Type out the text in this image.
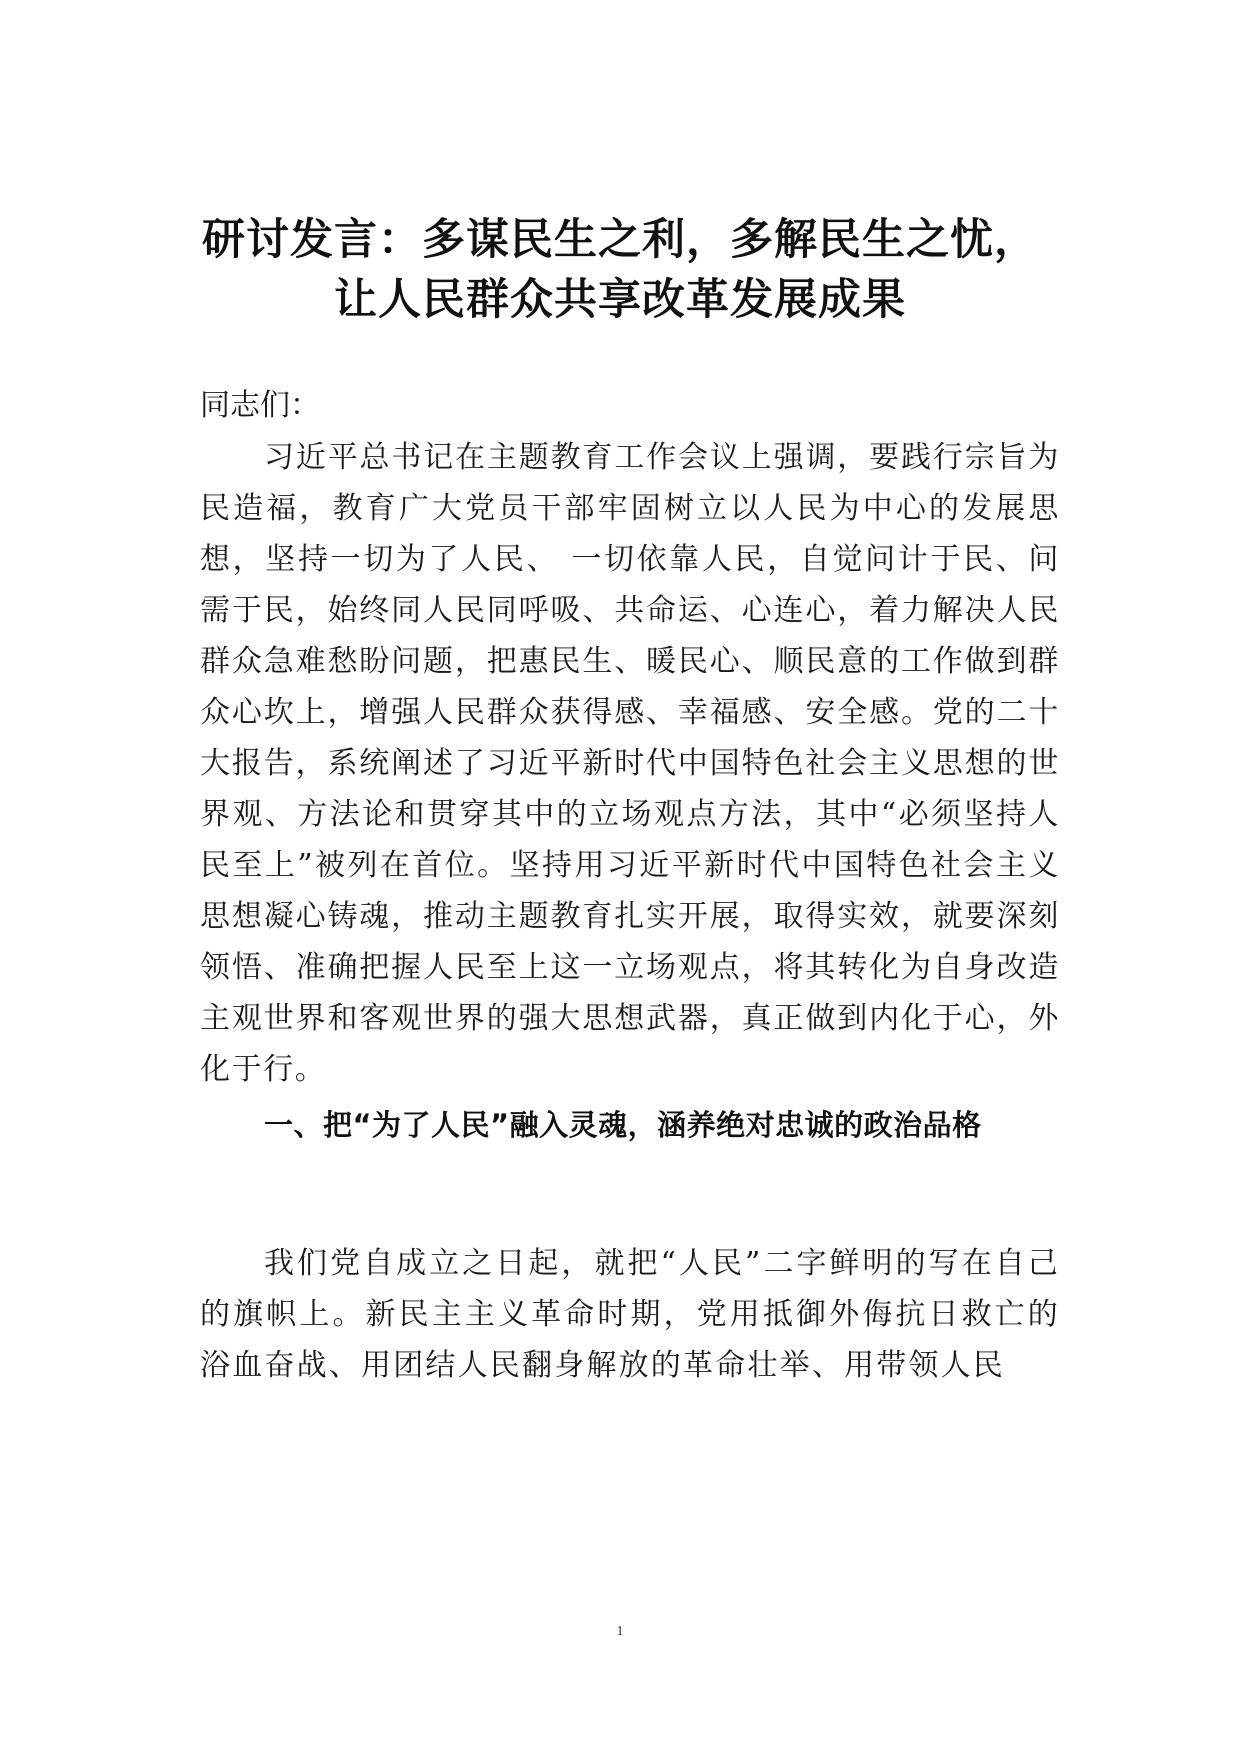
研讨发言：多谋民生之利，多解民生之忧，
让人民群众共享改革发展成果

同志们：

习近平总书记在主题教育工作会议上强调，要践行宗旨为民造福，教育广大党员干部牢固树立以人民为中心的发展思想，坚持一切为了人民、 一切依靠人民，自觉问计于民、问需于民，始终同人民同呼吸、共命运、心连心，着力解决人民群众急难愁盼问题，把惠民生、暖民心、顺民意的工作做到群众心坎上，增强人民群众获得感、幸福感、安全感。党的二十大报告，系统阐述了习近平新时代中国特色社会主义思想的世界观、方法论和贯穿其中的立场观点方法，其中“必须坚持人民至上”被列在首位。坚持用习近平新时代中国特色社会主义思想凝心铸魂，推动主题教育扎实开展，取得实效，就要深刻领悟、准确把握人民至上这一立场观点，将其转化为自身改造主观世界和客观世界的强大思想武器，真正做到内化于心，外化于行。

一、把“为了人民”融入灵魂，涵养绝对忠诚的政治品格

我们党自成立之日起，就把“人民”二字鲜明的写在自己的旗帜上。新民主主义革命时期，党用抵御外侮抗日救亡的浴血奋战、用团结人民翻身解放的革命壮举、用带领人民

1
